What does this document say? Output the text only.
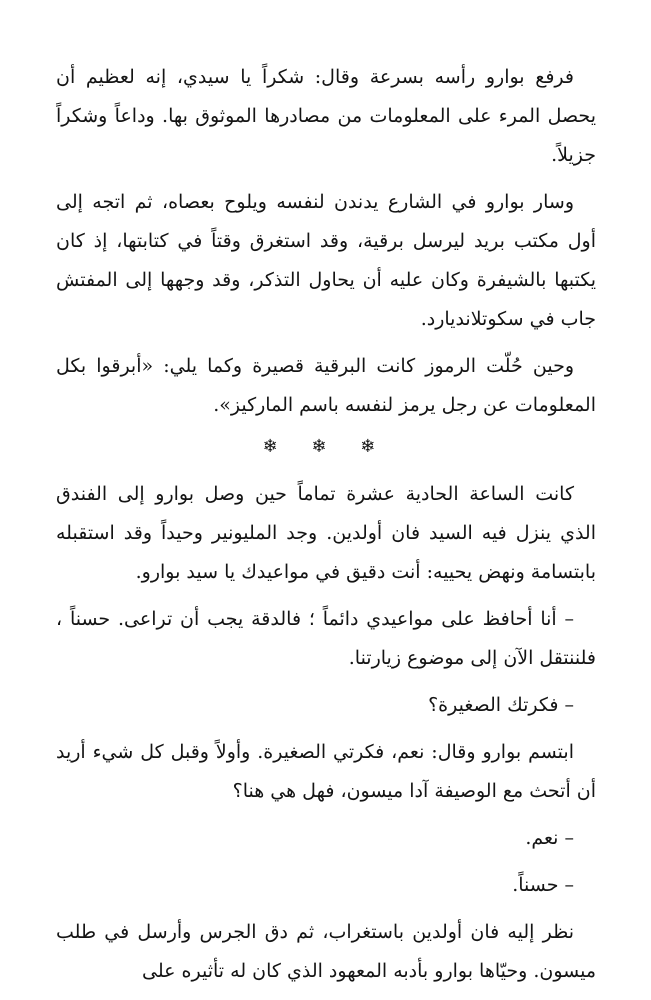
فرفع بوارو رأسه بسرعة وقال: شكراً يا سيدي، إنه لعظيم أن يحصل المرء على المعلومات من مصادرها الموثوق بها. وداعاً وشكراً جزيلاً.

وسار بوارو في الشارع يدندن لنفسه ويلوح بعصاه، ثم اتجه إلى أول مكتب بريد ليرسل برقية، وقد استغرق وقتاً في كتابتها، إذ كان يكتبها بالشيفرة وكان عليه أن يحاول التذكر، وقد وجهها إلى المفتش جاب في سكوتلانديارد.

وحين حُلّت الرموز كانت البرقية قصيرة وكما يلي: «أبرقوا بكل المعلومات عن رجل يرمز لنفسه باسم الماركيز».

❄ ❄ ❄

كانت الساعة الحادية عشرة تماماً حين وصل بوارو إلى الفندق الذي ينزل فيه السيد فان أولدين. وجد المليونير وحيداً وقد استقبله بابتسامة ونهض يحييه: أنت دقيق في مواعيدك يا سيد بوارو.

– أنا أحافظ على مواعيدي دائماً ؛ فالدقة يجب أن تراعى. حسناً ، فلننتقل الآن إلى موضوع زيارتنا.

– فكرتك الصغيرة؟

ابتسم بوارو وقال: نعم، فكرتي الصغيرة. وأولاً وقبل كل شيء أريد أن أتحث مع الوصيفة آدا ميسون، فهل هي هنا؟

– نعم.

– حسناً.

نظر إليه فان أولدين باستغراب، ثم دق الجرس وأرسل في طلب ميسون. وحيّاها بوارو بأدبه المعهود الذي كان له تأثيره على
